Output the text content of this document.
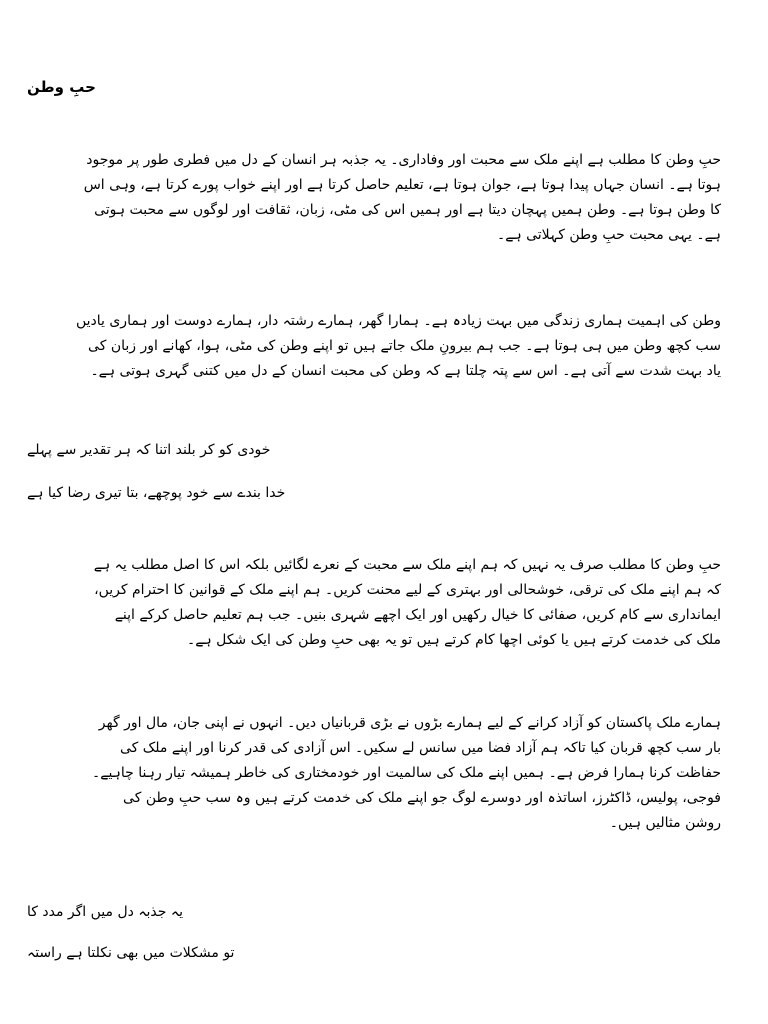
حبِ وطن
حبِ وطن کا مطلب ہے اپنے ملک سے محبت اور وفاداری۔ یہ جذبہ ہر انسان کے دل میں فطری طور پر موجود
ہوتا ہے۔ انسان جہاں پیدا ہوتا ہے، جوان ہوتا ہے، تعلیم حاصل کرتا ہے اور اپنے خواب پورے کرتا ہے، وہی اس
کا وطن ہوتا ہے۔ وطن ہمیں پہچان دیتا ہے اور ہمیں اس کی مٹی، زبان، ثقافت اور لوگوں سے محبت ہوتی
ہے۔ یہی محبت حبِ وطن کہلاتی ہے۔
وطن کی اہمیت ہماری زندگی میں بہت زیادہ ہے۔ ہمارا گھر، ہمارے رشتہ دار، ہمارے دوست اور ہماری یادیں
سب کچھ وطن میں ہی ہوتا ہے۔ جب ہم بیرونِ ملک جاتے ہیں تو اپنے وطن کی مٹی، ہوا، کھانے اور زبان کی
یاد بہت شدت سے آتی ہے۔ اس سے پتہ چلتا ہے کہ وطن کی محبت انسان کے دل میں کتنی گہری ہوتی ہے۔

خودی کو کر بلند اتنا کہ ہر تقدیر سے پہلے

خدا بندے سے خود پوچھے، بتا تیری رضا کیا ہے

حبِ وطن کا مطلب صرف یہ نہیں کہ ہم اپنے ملک سے محبت کے نعرے لگائیں بلکہ اس کا اصل مطلب یہ ہے
کہ ہم اپنے ملک کی ترقی، خوشحالی اور بہتری کے لیے محنت کریں۔ ہم اپنے ملک کے قوانین کا احترام کریں،
ایمانداری سے کام کریں، صفائی کا خیال رکھیں اور ایک اچھے شہری بنیں۔ جب ہم تعلیم حاصل کرکے اپنے
ملک کی خدمت کرتے ہیں یا کوئی اچھا کام کرتے ہیں تو یہ بھی حبِ وطن کی ایک شکل ہے۔
ہمارے ملک پاکستان کو آزاد کرانے کے لیے ہمارے بڑوں نے بڑی قربانیاں دیں۔ انہوں نے اپنی جان، مال اور گھر
بار سب کچھ قربان کیا تاکہ ہم آزاد فضا میں سانس لے سکیں۔ اس آزادی کی قدر کرنا اور اپنے ملک کی
حفاظت کرنا ہمارا فرض ہے۔ ہمیں اپنے ملک کی سالمیت اور خودمختاری کی خاطر ہمیشہ تیار رہنا چاہیے۔
فوجی، پولیس، ڈاکٹرز، اساتذہ اور دوسرے لوگ جو اپنے ملک کی خدمت کرتے ہیں وہ سب حبِ وطن کی
روشن مثالیں ہیں۔

یہ جذبہ دل میں اگر مدد کا

تو مشکلات میں بھی نکلتا ہے راستہ
